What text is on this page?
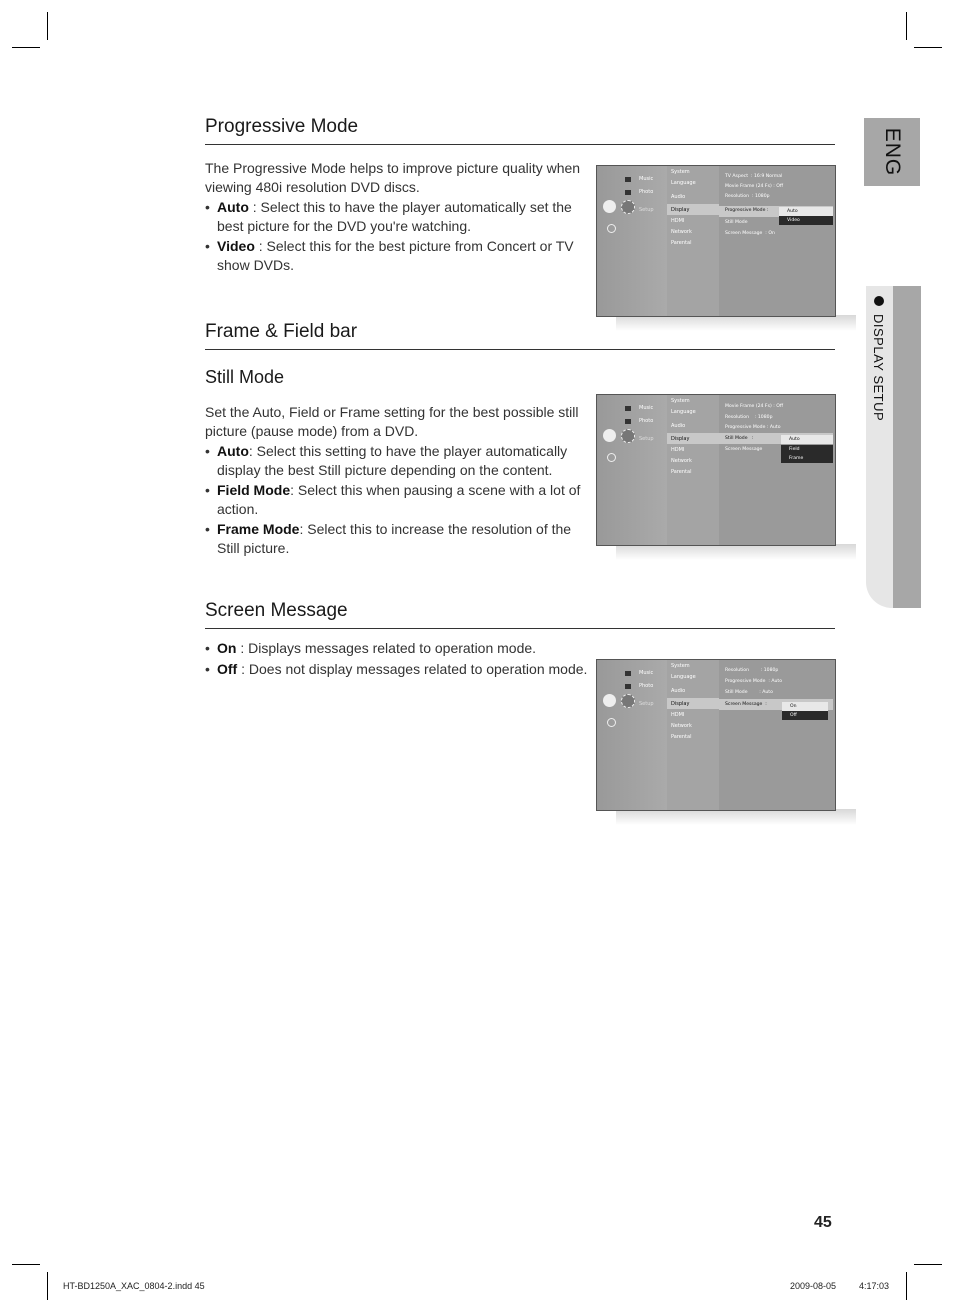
ENG
DISPLAY SETUP
Progressive Mode

The Progressive Mode helps to improve picture quality when viewing 480i resolution DVD discs.

• Auto : Select this to have the player automatically set the best picture for the DVD you're watching.
• Video : Select this for the best picture from Concert or TV show DVDs.
Music
Photo
Setup
System
Language
Audio
Display
HDMI
Network
Parental
TV Aspect  : 16:9 Normal
Movie Frame (24 Fs) : Off
Resolution  : 1080p
Progressive Mode :
Still Mode
Screen Message  : On
Auto
Video
Frame & Field bar
Still Mode

Set the Auto, Field or Frame setting for the best possible still picture (pause mode) from a DVD.

• Auto: Select this setting to have the player automatically display the best Still picture depending on the content.
• Field Mode: Select this when pausing a scene with a lot of action.
• Frame Mode: Select this to increase the resolution of the Still picture.
Music
Photo
Setup
System
Language
Audio
Display
HDMI
Network
Parental
Movie Frame (24 Fs) : Off
Resolution    : 1080p
Progressive Mode : Auto
Still Mode   :
Screen Message
Auto
Field
Frame
Screen Message
• On : Displays messages related to operation mode.
• Off : Does not display messages related to operation mode.	Music
Photo
Setup
System
Language
Audio
Display
HDMI
Network
Parental
Resolution        : 1080p
Progressive Mode  : Auto
Still Mode        : Auto
Screen Message  :	On
Off
45
HT-BD1250A_XAC_0804-2.indd 45	2009-08-05	4:17:03
